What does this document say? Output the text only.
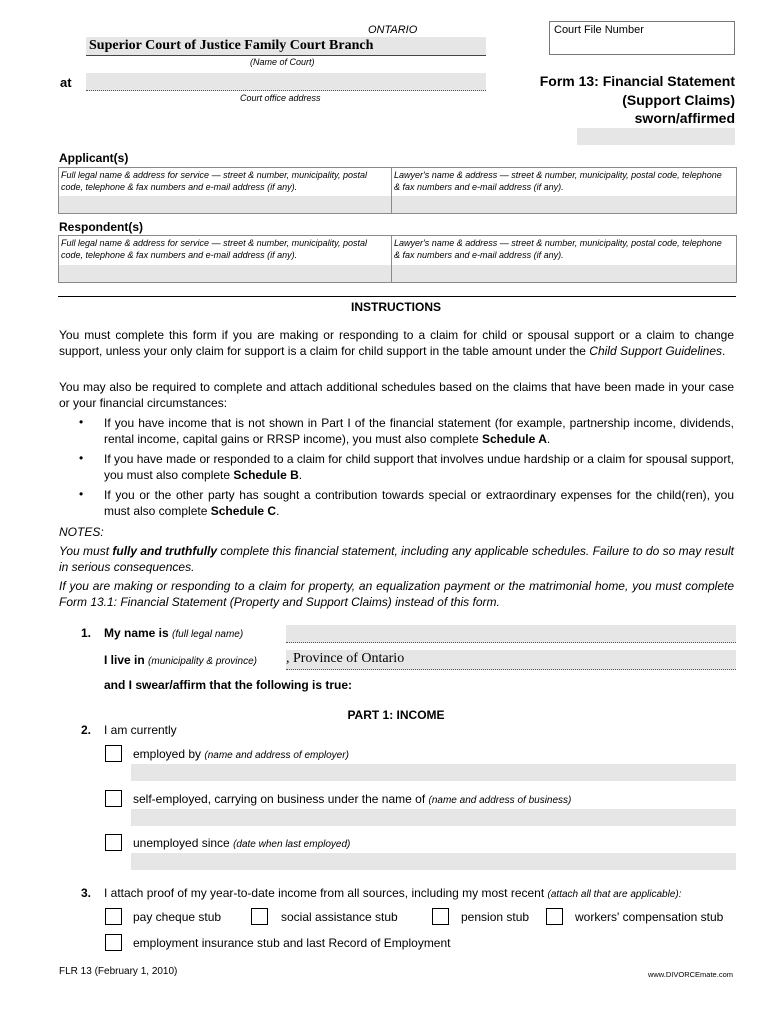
ONTARIO	Court File Number
Superior Court of Justice Family Court Branch
(Name of Court)
at
Court office address
Form 13: Financial Statement
(Support Claims)
sworn/affirmed
Applicant(s)
Full legal name & address for service — street & number, municipality, postal code, telephone & fax numbers and e-mail address (if any).
Lawyer's name & address — street & number, municipality, postal code, telephone & fax numbers and e-mail address (if any).
Respondent(s)
Full legal name & address for service — street & number, municipality, postal code, telephone & fax numbers and e-mail address (if any).
Lawyer's name & address — street & number, municipality, postal code, telephone & fax numbers and e-mail address (if any).
INSTRUCTIONS
You must complete this form if you are making or responding to a claim for child or spousal support or a claim to change support, unless your only claim for support is a claim for child support in the table amount under the Child Support Guidelines.
You may also be required to complete and attach additional schedules based on the claims that have been made in your case or your financial circumstances:
• If you have income that is not shown in Part I of the financial statement (for example, partnership income, dividends, rental income, capital gains or RRSP income), you must also complete Schedule A.
• If you have made or responded to a claim for child support that involves undue hardship or a claim for spousal support, you must also complete Schedule B.
• If you or the other party has sought a contribution towards special or extraordinary expenses for the child(ren), you must also complete Schedule C.
NOTES:
You must fully and truthfully complete this financial statement, including any applicable schedules. Failure to do so may result in serious consequences.
If you are making or responding to a claim for property, an equalization payment or the matrimonial home, you must complete Form 13.1: Financial Statement (Property and Support Claims) instead of this form.
1. My name is (full legal name)
I live in (municipality & province) , Province of Ontario
and I swear/affirm that the following is true:
PART 1: INCOME
2. I am currently
employed by (name and address of employer)
self-employed, carrying on business under the name of (name and address of business)
unemployed since (date when last employed)
3. I attach proof of my year-to-date income from all sources, including my most recent (attach all that are applicable):
pay cheque stub	social assistance stub	pension stub	workers' compensation stub
employment insurance stub and last Record of Employment
FLR 13 (February 1, 2010)	www.DIVORCEmate.com
